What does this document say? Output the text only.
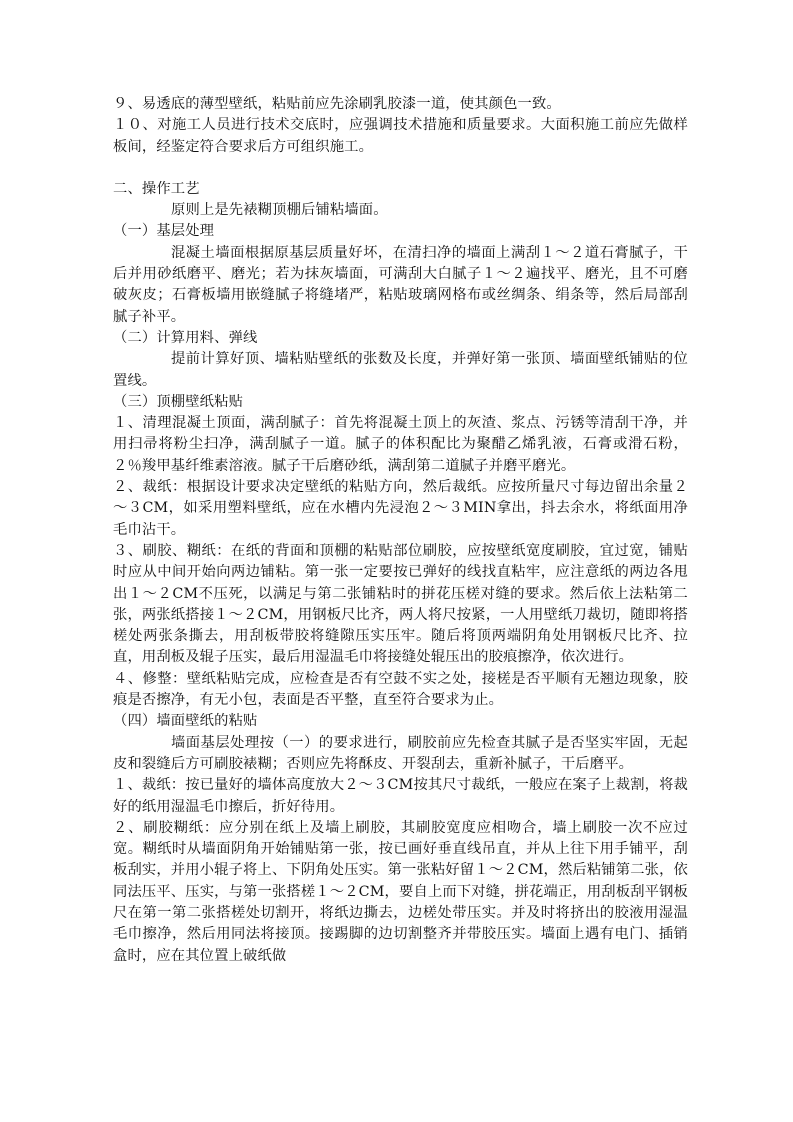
９、易透底的薄型壁纸，粘贴前应先涂刷乳胶漆一道，使其颜色一致。

１０、对施工人员进行技术交底时，应强调技术措施和质量要求。大面积施工前应先做样板间，经鉴定符合要求后方可组织施工。

二、操作工艺

原则上是先裱糊顶棚后铺粘墙面。

（一）基层处理

混凝土墙面根据原基层质量好坏，在清扫净的墙面上满刮１～２道石膏腻子，干后并用砂纸磨平、磨光；若为抹灰墙面，可满刮大白腻子１～２遍找平、磨光，且不可磨破灰皮；石膏板墙用嵌缝腻子将缝堵严，粘贴玻璃网格布或丝绸条、绢条等，然后局部刮腻子补平。

（二）计算用料、弹线

提前计算好顶、墙粘贴壁纸的张数及长度，并弹好第一张顶、墙面壁纸铺贴的位置线。

（三）顶棚壁纸粘贴

１、清理混凝土顶面，满刮腻子：首先将混凝土顶上的灰渣、浆点、污锈等清刮干净，并用扫帚将粉尘扫净，满刮腻子一道。腻子的体积配比为聚醋乙烯乳液，石膏或滑石粉，２％羧甲基纤维素溶液。腻子干后磨砂纸，满刮第二道腻子并磨平磨光。

２、裁纸：根据设计要求决定壁纸的粘贴方向，然后裁纸。应按所量尺寸每边留出余量２～３CM，如采用塑料壁纸，应在水槽内先浸泡２～３MIN拿出，抖去余水，将纸面用净毛巾沾干。

３、刷胶、糊纸：在纸的背面和顶棚的粘贴部位刷胶，应按壁纸宽度刷胶，宜过宽，铺贴时应从中间开始向两边铺粘。第一张一定要按已弹好的线找直粘牢，应注意纸的两边各甩出１～２CM不压死，以满足与第二张铺粘时的拼花压槎对缝的要求。然后依上法粘第二张，两张纸搭接１～２CM，用钢板尺比齐，两人将尺按紧，一人用壁纸刀裁切，随即将搭槎处两张条撕去，用刮板带胶将缝隙压实压牢。随后将顶两端阴角处用钢板尺比齐、拉直，用刮板及辊子压实，最后用湿温毛巾将接缝处辊压出的胶痕擦净，依次进行。

４、修整：壁纸粘贴完成，应检查是否有空鼓不实之处，接槎是否平顺有无翘边现象，胶痕是否擦净，有无小包，表面是否平整，直至符合要求为止。

（四）墙面壁纸的粘贴

墙面基层处理按（一）的要求进行，刷胶前应先检查其腻子是否坚实牢固，无起皮和裂缝后方可刷胶裱糊；否则应先将酥皮、开裂刮去，重新补腻子，干后磨平。

１、裁纸：按已量好的墙体高度放大２～３CM按其尺寸裁纸，一般应在案子上裁割，将裁好的纸用湿温毛巾擦后，折好待用。

２、刷胶糊纸：应分别在纸上及墙上刷胶，其刷胶宽度应相吻合，墙上刷胶一次不应过宽。糊纸时从墙面阴角开始铺贴第一张，按已画好垂直线吊直，并从上往下用手铺平，刮板刮实，并用小辊子将上、下阴角处压实。第一张粘好留１～２CM，然后粘铺第二张，依同法压平、压实，与第一张搭槎１～２CM，要自上而下对缝，拼花端正，用刮板刮平钢板尺在第一第二张搭槎处切割开，将纸边撕去，边槎处带压实。并及时将挤出的胶液用湿温毛巾擦净，然后用同法将接顶。接踢脚的边切割整齐并带胶压实。墙面上遇有电门、插销盒时，应在其位置上破纸做
